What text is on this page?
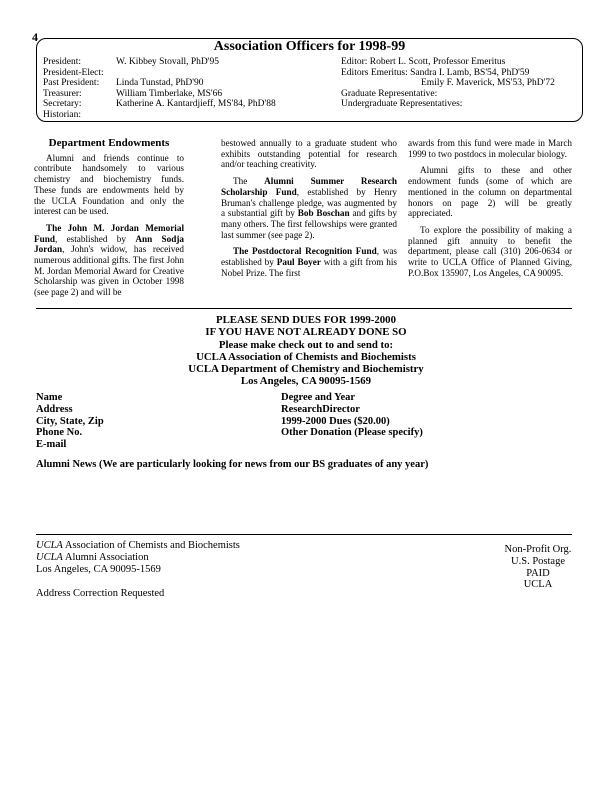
4
Association Officers for 1998-99
President:
President-Elect:
Past President:
Treasurer:
Secretary:
Historian:
W. Kibbey Stovall, PhD'95

Linda Tunstad, PhD'90
William Timberlake, MS'66
Katherine A. Kantardjieff, MS'84, PhD'88
Editor: Robert L. Scott, Professor Emeritus
Editors Emeritus: Sandra I. Lamb, BS'54, PhD'59
Emily F. Maverick, MS'53, PhD'72
Graduate Representative:
Undergraduate Representatives:
Department Endowments

Alumni and friends continue to contribute handsomely to various chemistry and biochemistry funds. These funds are endowments held by the UCLA Foundation and only the interest can be used.

The John M. Jordan Memorial Fund, established by Ann Sodja Jordan, John's widow, has received numerous additional gifts. The first John M. Jordan Memorial Award for Creative Scholarship was given in October 1998 (see page 2) and will be

bestowed annually to a graduate student who exhibits outstanding potential for research and/or teaching creativity.

The Alumni Summer Research Scholarship Fund, established by Henry Bruman's challenge pledge, was augmented by a substantial gift by Bob Boschan and gifts by many others. The first fellowships were granted last summer (see page 2).

The Postdoctoral Recognition Fund, was established by Paul Boyer with a gift from his Nobel Prize. The first

awards from this fund were made in March 1999 to two postdocs in molecular biology.

Alumni gifts to these and other endowment funds (some of which are mentioned in the column on departmental honors on page 2) will be greatly appreciated.

To explore the possibility of making a planned gift annuity to benefit the department, please call (310) 206-0634 or write to UCLA Office of Planned Giving, P.O.Box 135907, Los Angeles, CA 90095.

PLEASE SEND DUES FOR 1999-2000
IF YOU HAVE NOT ALREADY DONE SO
Please make check out to and send to:
UCLA Association of Chemists and Biochemists
UCLA Department of Chemistry and Biochemistry
Los Angeles, CA 90095-1569
Name
Address
City, State, Zip
Phone No.
E-mail
Degree and Year
ResearchDirector
1999-2000 Dues ($20.00)
Other Donation (Please specify)
Alumni News (We are particularly looking for news from our BS graduates of any year)
UCLA Association of Chemists and Biochemists
UCLA Alumni Association
Los Angeles, CA 90095-1569
Address Correction Requested
Non-Profit Org.
U.S. Postage
PAID
UCLA
